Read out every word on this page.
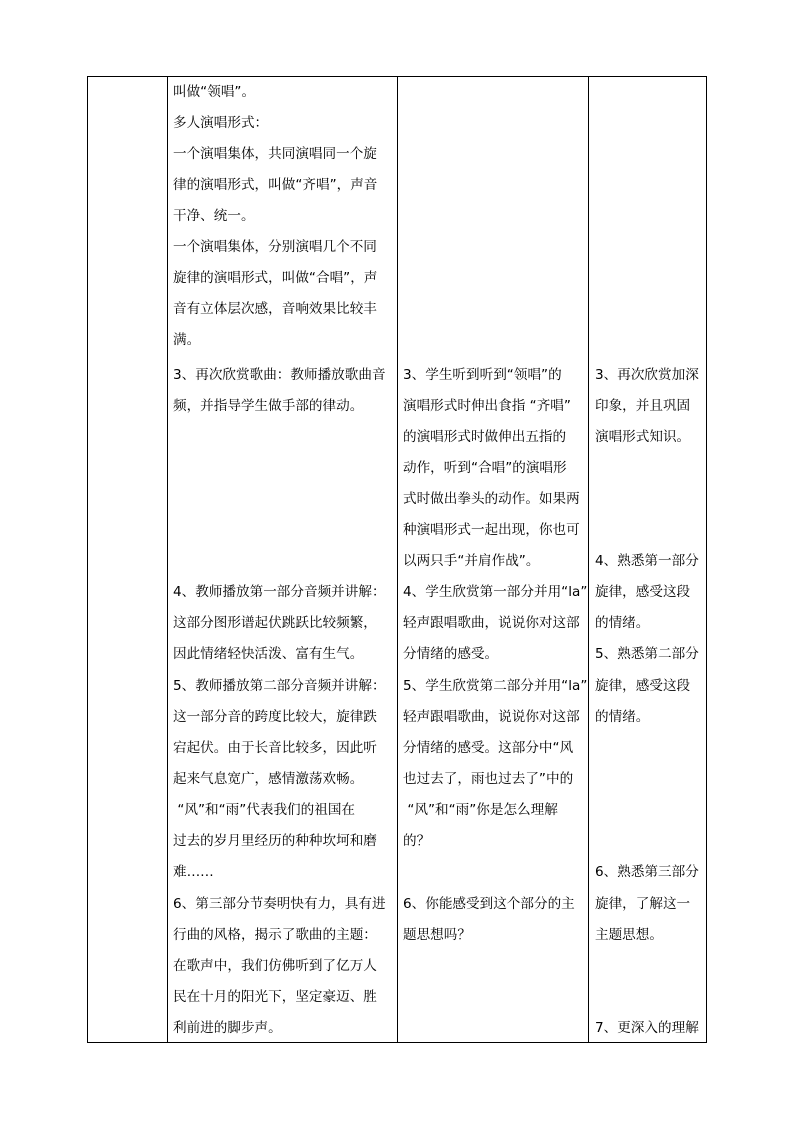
叫做“领唱”。
多人演唱形式：
一个演唱集体，共同演唱同一个旋
律的演唱形式，叫做“齐唱”，声音
干净、统一。
一个演唱集体，分别演唱几个不同
旋律的演唱形式，叫做“合唱”，声
音有立体层次感，音响效果比较丰
满。
3、再次欣赏歌曲：教师播放歌曲音
频，并指导学生做手部的律动。
4、教师播放第一部分音频并讲解：
这部分图形谱起伏跳跃比较频繁，
因此情绪轻快活泼、富有生气。
5、教师播放第二部分音频并讲解：
这一部分音的跨度比较大，旋律跌
宕起伏。由于长音比较多，因此听
起来气息宽广，感情激荡欢畅。
“风”和“雨”代表我们的祖国在
过去的岁月里经历的种种坎坷和磨
难……
6、第三部分节奏明快有力，具有进
行曲的风格，揭示了歌曲的主题：
在歌声中，我们仿佛听到了亿万人
民在十月的阳光下，坚定豪迈、胜
利前进的脚步声。
3、学生听到听到“领唱”的
演唱形式时伸出食指 “齐唱”
的演唱形式时做伸出五指的
动作，听到“合唱”的演唱形
式时做出拳头的动作。如果两
种演唱形式一起出现，你也可
以两只手“并肩作战”。
4、学生欣赏第一部分并用“la”
轻声跟唱歌曲，说说你对这部
分情绪的感受。
5、学生欣赏第二部分并用“la”
轻声跟唱歌曲，说说你对这部
分情绪的感受。这部分中“风
也过去了，雨也过去了”中的
“风”和“雨”你是怎么理解
的？
6、你能感受到这个部分的主
题思想吗？
3、再次欣赏加深
印象，并且巩固
演唱形式知识。
4、熟悉第一部分
旋律，感受这段
的情绪。
5、熟悉第二部分
旋律，感受这段
的情绪。
6、熟悉第三部分
旋律，了解这一
主题思想。
7、更深入的理解
